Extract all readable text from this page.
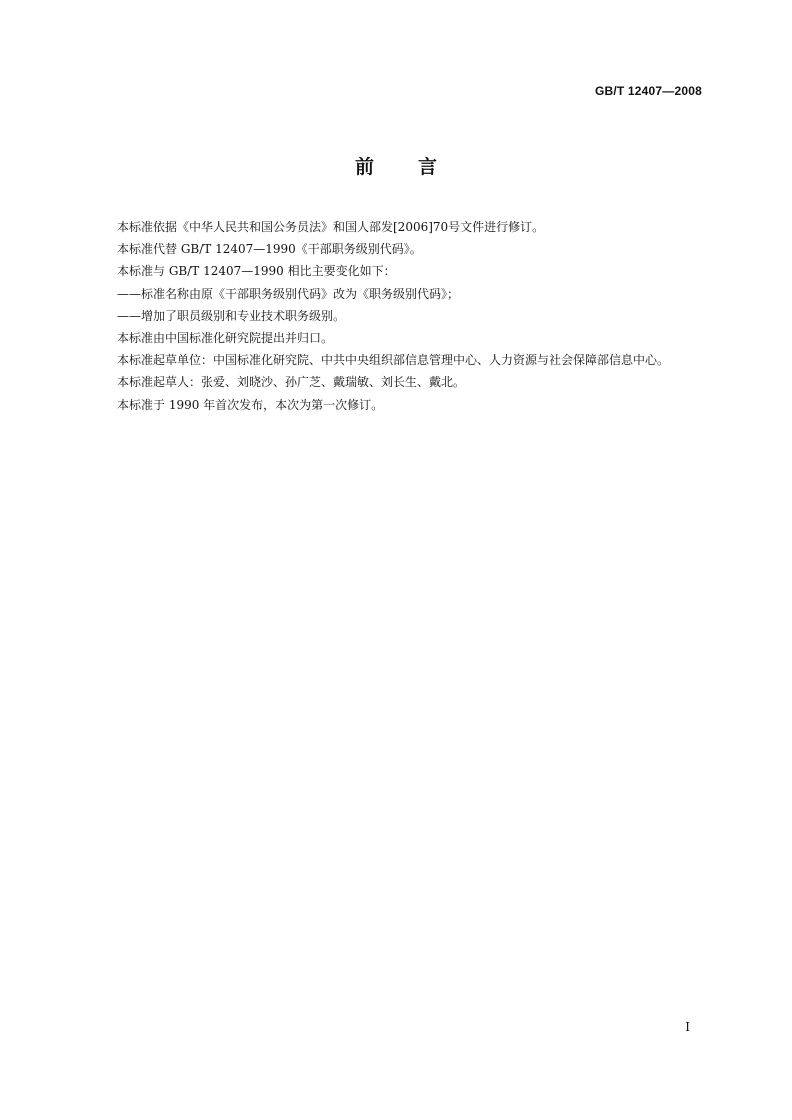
GB/T 12407—2008
前 言

本标准依据《中华人民共和国公务员法》和国人部发[2006]70号文件进行修订。

本标准代替 GB/T 12407—1990《干部职务级别代码》。

本标准与 GB/T 12407—1990 相比主要变化如下：

——标准名称由原《干部职务级别代码》改为《职务级别代码》；

——增加了职员级别和专业技术职务级别。

本标准由中国标准化研究院提出并归口。

本标准起草单位：中国标准化研究院、中共中央组织部信息管理中心、人力资源与社会保障部信息中心。

本标准起草人：张爱、刘晓沙、孙广芝、戴瑞敏、刘长生、戴北。

本标准于 1990 年首次发布，本次为第一次修订。

I
